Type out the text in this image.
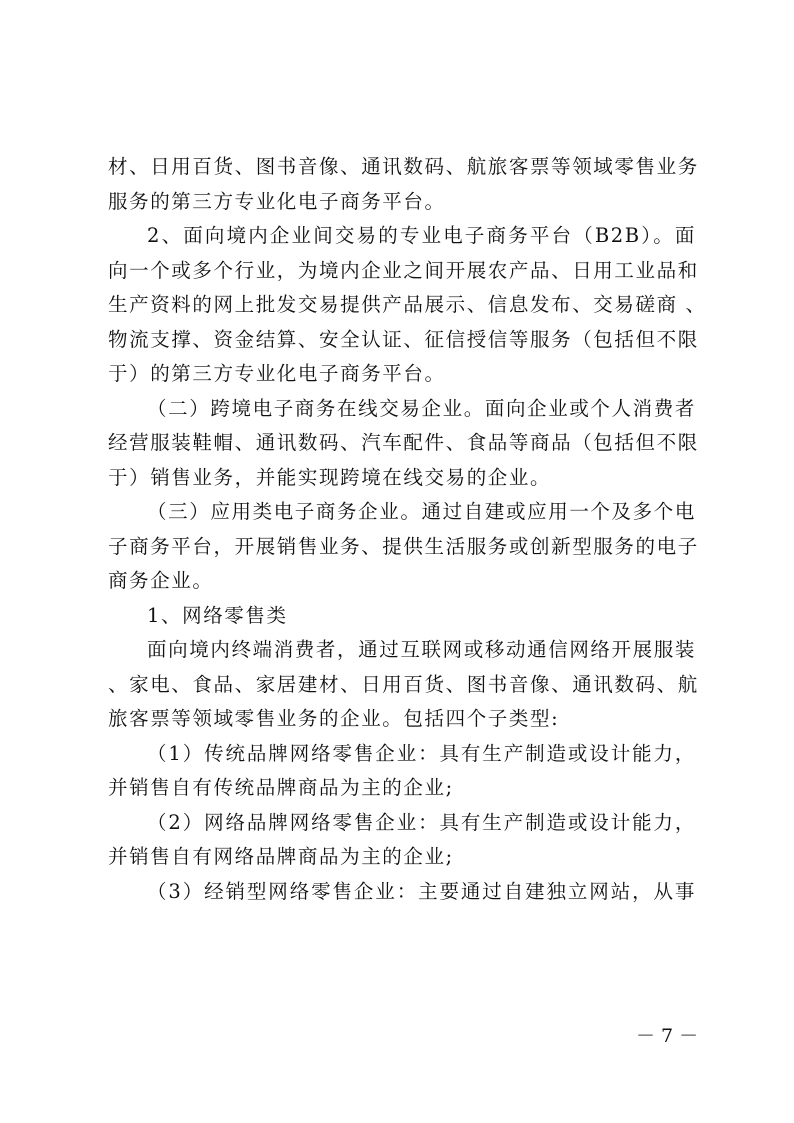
材、日用百货、图书音像、通讯数码、航旅客票等领域零售业务
服务的第三方专业化电子商务平台。
2、面向境内企业间交易的专业电子商务平台（B2B）。面
向一个或多个行业，为境内企业之间开展农产品、日用工业品和
生产资料的网上批发交易提供产品展示、信息发布、交易磋商 、
物流支撑、资金结算、安全认证、征信授信等服务（包括但不限
于）的第三方专业化电子商务平台。
（二）跨境电子商务在线交易企业。面向企业或个人消费者
经营服装鞋帽、通讯数码、汽车配件、食品等商品（包括但不限
于）销售业务，并能实现跨境在线交易的企业。
（三）应用类电子商务企业。通过自建或应用一个及多个电
子商务平台，开展销售业务、提供生活服务或创新型服务的电子
商务企业。
1、网络零售类
面向境内终端消费者，通过互联网或移动通信网络开展服装
、家电、食品、家居建材、日用百货、图书音像、通讯数码、航
旅客票等领域零售业务的企业。包括四个子类型:
（1）传统品牌网络零售企业：具有生产制造或设计能力，
并销售自有传统品牌商品为主的企业;
（2）网络品牌网络零售企业：具有生产制造或设计能力，
并销售自有网络品牌商品为主的企业;
（3）经销型网络零售企业：主要通过自建独立网站，从事
－ 7 －
